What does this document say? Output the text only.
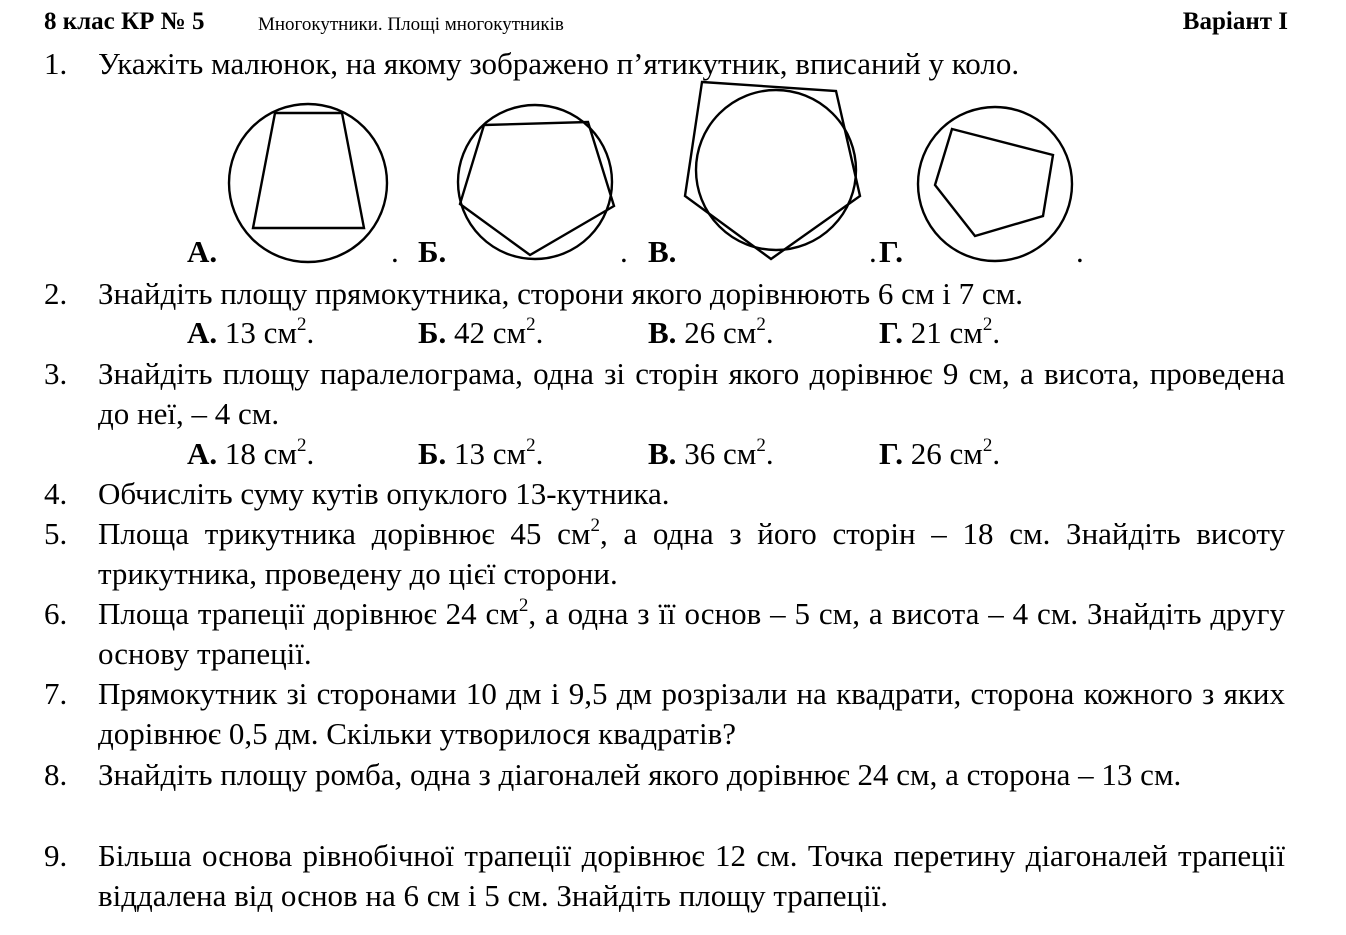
8 клас КР № 5	Многокутники. Площі многокутників	Варіант І
1. Укажіть малюнок, на якому зображено п’ятикутник, вписаний у коло.
А.	. Б.	. В.	. Г.	.
2. Знайдіть площу прямокутника, сторони якого дорівнюють 6 см і 7 см.
А. 13 $см^2$.	Б. 42 $см^2$.	В. 26 $см^2$.	Г. 21 $см^2$.
3. Знайдіть площу паралелограма, одна зі сторін якого дорівнює 9 см, а висота, проведена до неї, – 4 см.
А. 18 $см^2$.	Б. 13 $см^2$.	В. 36 $см^2$.	Г. 26 $см^2$.
4. Обчисліть суму кутів опуклого 13-кутника.
5. Площа трикутника дорівнює 45 $см^2$, а одна з його сторін – 18 см. Знайдіть висоту трикутника, проведену до цієї сторони.
6. Площа трапеції дорівнює 24 $см^2$, а одна з її основ – 5 см, а висота – 4 см. Знайдіть другу основу трапеції.
7. Прямокутник зі сторонами 10 дм і 9,5 дм розрізали на квадрати, сторона кожного з яких дорівнює 0,5 дм. Скільки утворилося квадратів?
8. Знайдіть площу ромба, одна з діагоналей якого дорівнює 24 см, а сторона – 13 см.
9. Більша основа рівнобічної трапеції дорівнює 12 см. Точка перетину діагоналей трапеції віддалена від основ на 6 см і 5 см. Знайдіть площу трапеції.
